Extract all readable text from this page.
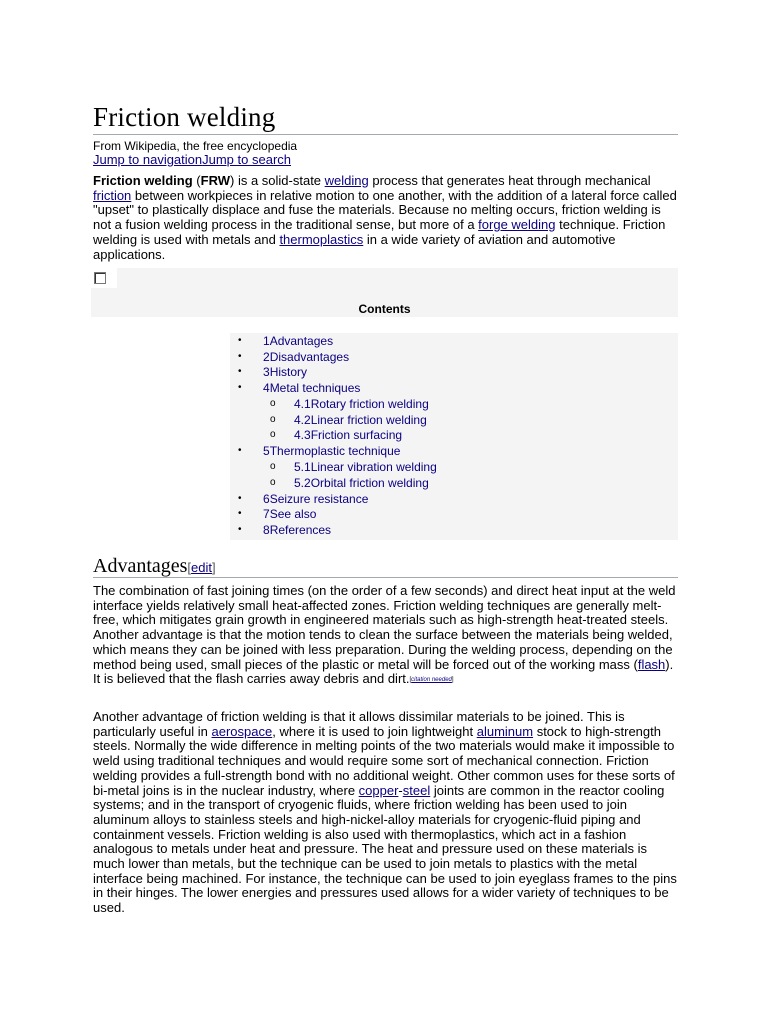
Friction welding
From Wikipedia, the free encyclopedia
Jump to navigationJump to search

Friction welding (FRW) is a solid-state welding process that generates heat through mechanical friction between workpieces in relative motion to one another, with the addition of a lateral force called "upset" to plastically displace and fuse the materials. Because no melting occurs, friction welding is not a fusion welding process in the traditional sense, but more of a forge welding technique. Friction welding is used with metals and thermoplastics in a wide variety of aviation and automotive applications.

Contents
• 1Advantages
• 2Disadvantages
• 3History
• 4Metal techniques
o 4.1Rotary friction welding
o 4.2Linear friction welding
o 4.3Friction surfacing
• 5Thermoplastic technique
o 5.1Linear vibration welding
o 5.2Orbital friction welding
• 6Seizure resistance
• 7See also
• 8References
Advantages[edit]

The combination of fast joining times (on the order of a few seconds) and direct heat input at the weld interface yields relatively small heat-affected zones. Friction welding techniques are generally melt-free, which mitigates grain growth in engineered materials such as high-strength heat-treated steels. Another advantage is that the motion tends to clean the surface between the materials being welded, which means they can be joined with less preparation. During the welding process, depending on the method being used, small pieces of the plastic or metal will be forced out of the working mass (flash). It is believed that the flash carries away debris and dirt.[citation needed]

Another advantage of friction welding is that it allows dissimilar materials to be joined. This is particularly useful in aerospace, where it is used to join lightweight aluminum stock to high-strength steels. Normally the wide difference in melting points of the two materials would make it impossible to weld using traditional techniques and would require some sort of mechanical connection. Friction welding provides a full-strength bond with no additional weight. Other common uses for these sorts of bi-metal joins is in the nuclear industry, where copper-steel joints are common in the reactor cooling systems; and in the transport of cryogenic fluids, where friction welding has been used to join aluminum alloys to stainless steels and high-nickel-alloy materials for cryogenic-fluid piping and containment vessels. Friction welding is also used with thermoplastics, which act in a fashion analogous to metals under heat and pressure. The heat and pressure used on these materials is much lower than metals, but the technique can be used to join metals to plastics with the metal interface being machined. For instance, the technique can be used to join eyeglass frames to the pins in their hinges. The lower energies and pressures used allows for a wider variety of techniques to be used.
